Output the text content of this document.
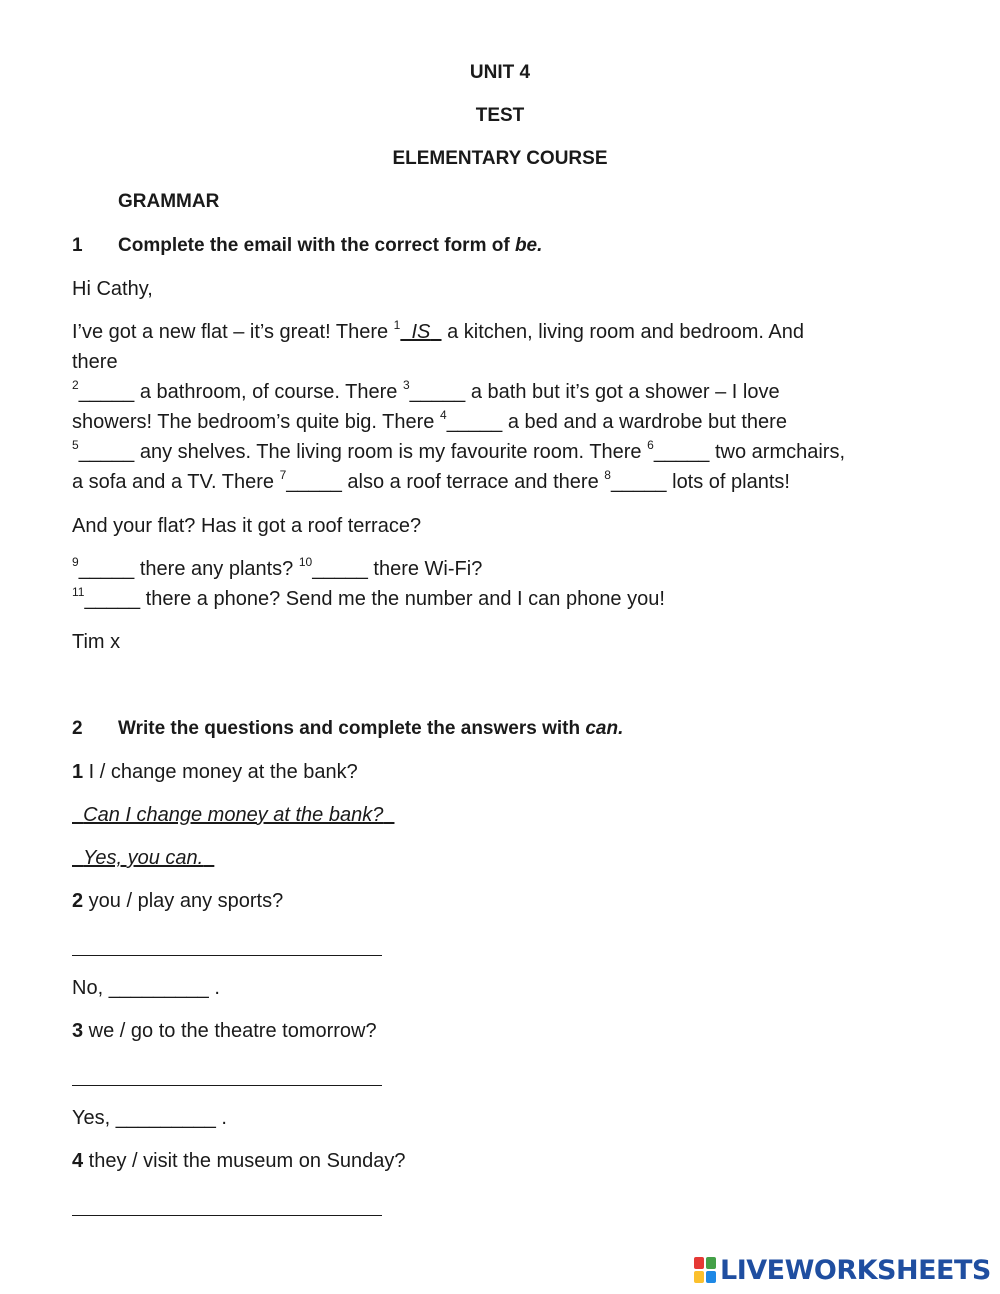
UNIT 4
TEST
ELEMENTARY COURSE
GRAMMAR
1 Complete the email with the correct form of be.
Hi Cathy,
I’ve got a new flat – it’s great! There $^1$ IS   a kitchen, living room and bedroom. And
there
$^2$_____ a bathroom, of course. There $^3$_____ a bath but it’s got a shower – I love
showers! The bedroom’s quite big. There $^4$_____ a bed and a wardrobe but there
$^5$_____ any shelves. The living room is my favourite room. There $^6$_____ two armchairs,
a sofa and a TV. There $^7$_____ also a roof terrace and there $^8$_____ lots of plants!
And your flat? Has it got a roof terrace?
$^9$_____ there any plants? $^{10}$_____ there Wi-Fi?
$^{11}$_____ there a phone? Send me the number and I can phone you!
Tim x
2 Write the questions and complete the answers with can.
1 I / change money at the bank?
Can I change money at the bank?
Yes, you can.
2 you / play any sports?
No, _________ .
3 we / go to the theatre tomorrow?
Yes, _________ .
4 they / visit the museum on Sunday?
LIVEWORKSHEETS
